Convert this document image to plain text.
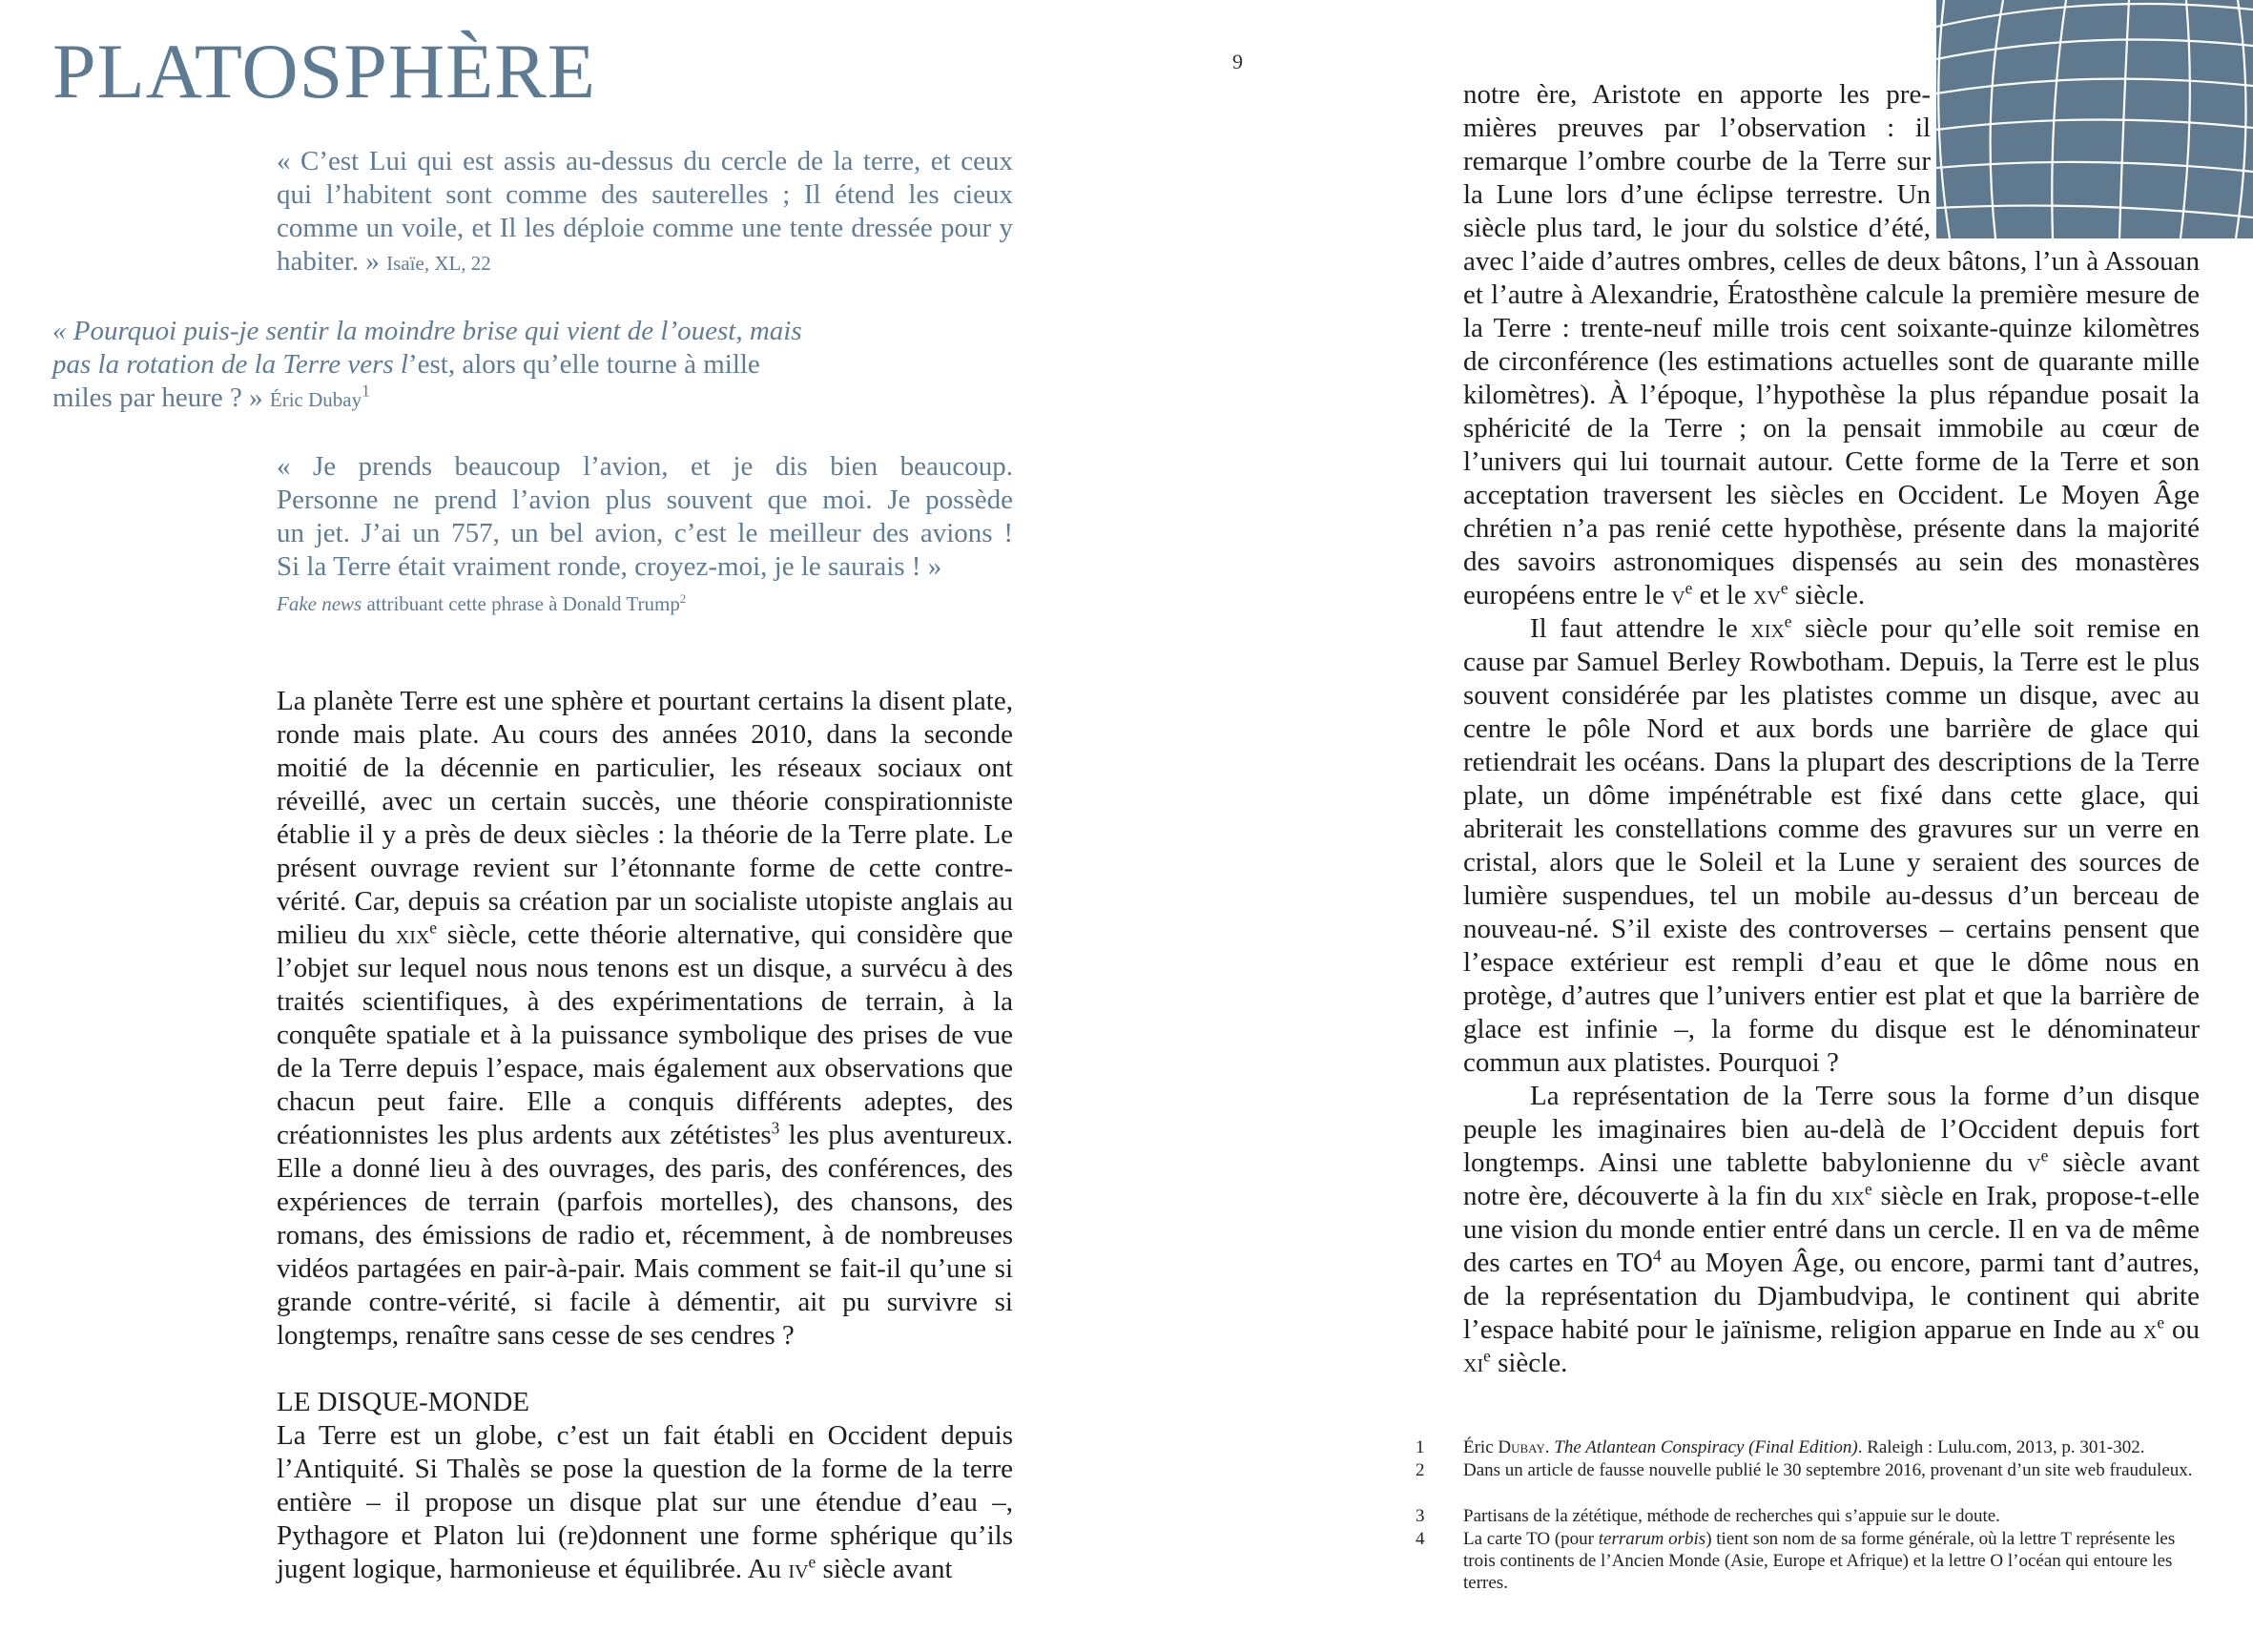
PLATOSPHÈRE	9
« C’est Lui qui est assis au-dessus du cercle de la terre, et ceux qui l’habitent sont comme des sauterelles ; Il étend les cieux comme un voile, et Il les déploie comme une tente dressée pour y habiter. » Isaïe, XL, 22
« Pourquoi puis-je sentir la moindre brise qui vient de l’ouest, mais pas la rotation de la Terre vers l’est, alors qu’elle tourne à mille miles par heure ? » Éric Dubay$^1$
« Je prends beaucoup l’avion, et je dis bien beaucoup.
Personne ne prend l’avion plus souvent que moi. Je possède
un jet. J’ai un 757, un bel avion, c’est le meilleur des avions !
Si la Terre était vraiment ronde, croyez-moi, je le saurais ! »
Fake news attribuant cette phrase à Donald Trump$^2$

La planète Terre est une sphère et pourtant certains la disent plate, ronde mais plate. Au cours des années 2010, dans la seconde moitié de la décennie en particulier, les réseaux sociaux ont réveillé, avec un certain succès, une théorie conspirationniste établie il y a près de deux siècles : la théorie de la Terre plate. Le présent ouvrage revient sur l’étonnante forme de cette contre-vérité. Car, depuis sa création par un socialiste utopiste anglais au milieu du xix$^e$ siècle, cette théorie alternative, qui considère que l’objet sur lequel nous nous tenons est un disque, a survécu à des traités scientifiques, à des expérimentations de terrain, à la conquête spatiale et à la puissance symbolique des prises de vue de la Terre depuis l’espace, mais également aux observations que chacun peut faire. Elle a conquis différents adeptes, des créationnistes les plus ardents aux zététistes$^3$ les plus aventureux. Elle a donné lieu à des ouvrages, des paris, des conférences, des expériences de terrain (parfois mortelles), des chansons, des romans, des émissions de radio et, récemment, à de nombreuses vidéos partagées en pair-à-pair. Mais comment se fait-il qu’une si grande contre-vérité, si facile à démentir, ait pu survivre si longtemps, renaître sans cesse de ses cendres ?

LE DISQUE-MONDE

La Terre est un globe, c’est un fait établi en Occident depuis l’Antiquité. Si Thalès se pose la question de la forme de la terre entière – il propose un disque plat sur une étendue d’eau –, Pythagore et Platon lui (re)donnent une forme sphérique qu’ils jugent logique, harmonieuse et équilibrée. Au $iv^e$ siècle avant

notre ère, Aristote en apporte les premières preuves par l’observation : il remarque l’ombre courbe de la Terre sur la Lune lors d’une éclipse terrestre. Un siècle plus tard, le jour du solstice d’été, avec l’aide d’autres ombres, celles de deux bâtons, l’un à Assouan et l’autre à Alexandrie, Ératosthène calcule la première mesure de la Terre : trente-neuf mille trois cent soixante-quinze kilomètres de circonférence (les estimations actuelles sont de quarante mille kilomètres). À l’époque, l’hypothèse la plus répandue posait la sphéricité de la Terre ; on la pensait immobile au cœur de l’univers qui lui tournait autour. Cette forme de la Terre et son acceptation traversent les siècles en Occident. Le Moyen Âge chrétien n’a pas renié cette hypothèse, présente dans la majorité des savoirs astronomiques dispensés au sein des monastères européens entre le $v^e$ et le $xv^e$ siècle.

Il faut attendre le xix$^e$ siècle pour qu’elle soit remise en cause par Samuel Berley Rowbotham. Depuis, la Terre est le plus souvent considérée par les platistes comme un disque, avec au centre le pôle Nord et aux bords une barrière de glace qui retiendrait les océans. Dans la plupart des descriptions de la Terre plate, un dôme impénétrable est fixé dans cette glace, qui abriterait les constellations comme des gravures sur un verre en cristal, alors que le Soleil et la Lune y seraient des sources de lumière suspendues, tel un mobile au-dessus d’un berceau de nouveau-né. S’il existe des controverses – certains pensent que l’espace extérieur est rempli d’eau et que le dôme nous en protège, d’autres que l’univers entier est plat et que la barrière de glace est infinie –, la forme du disque est le dénominateur commun aux platistes. Pourquoi ?

La représentation de la Terre sous la forme d’un disque peuple les imaginaires bien au-delà de l’Occident depuis fort longtemps. Ainsi une tablette babylonienne du $v^e$ siècle avant notre ère, découverte à la fin du xix$^e$ siècle en Irak, propose-t-elle une vision du monde entier entré dans un cercle. Il en va de même des cartes en $TO^4$ au Moyen Âge, ou encore, parmi tant d’autres, de la représentation du Djambudvipa, le continent qui abrite l’espace habité pour le jaïnisme, religion apparue en Inde au $x^e$ ou $xi^e$ siècle.

1	Éric Dubay. The Atlantean Conspiracy (Final Edition). Raleigh : Lulu.com, 2013, p. 301-302.
2	Dans un article de fausse nouvelle publié le 30 septembre 2016, provenant d’un site web frauduleux.
3	Partisans de la zététique, méthode de recherches qui s’appuie sur le doute.
4	La carte TO (pour terrarum orbis) tient son nom de sa forme générale, où la lettre T représente les trois continents de l’Ancien Monde (Asie, Europe et Afrique) et la lettre O l’océan qui entoure les terres.
